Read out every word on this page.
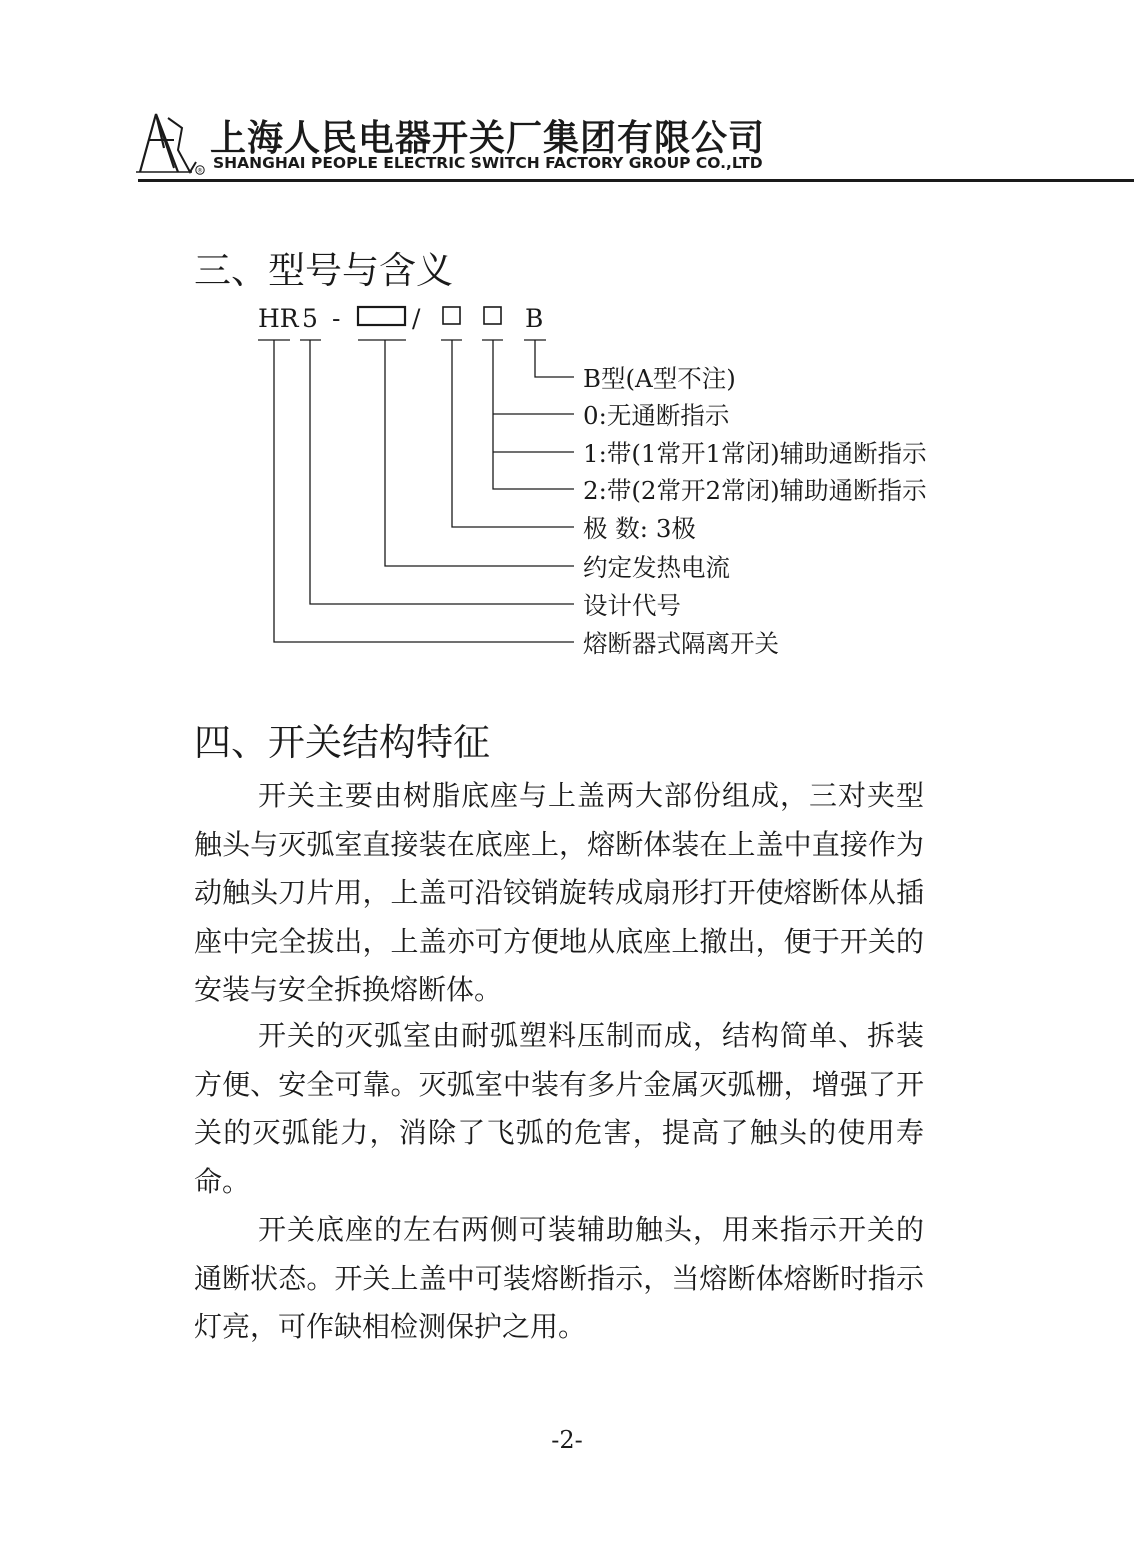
®
上海人民电器开关厂集团有限公司
SHANGHAI PEOPLE ELECTRIC SWITCH FACTORY GROUP CO.,LTD
三、型号与含义
HR 5 -	/	B
B型(A型不注)
0:无通断指示
1:带(1常开1常闭)辅助通断指示
2:带(2常开2常闭)辅助通断指示
极 数: 3极
约定发热电流
设计代号
熔断器式隔离开关
四、开关结构特征

开关主要由树脂底座与上盖两大部份组成，三对夹型触头与灭弧室直接装在底座上，熔断体装在上盖中直接作为动触头刀片用，上盖可沿铰销旋转成扇形打开使熔断体从插座中完全拔出，上盖亦可方便地从底座上撤出，便于开关的安装与安全拆换熔断体。

开关的灭弧室由耐弧塑料压制而成，结构简单、拆装方便、安全可靠。灭弧室中装有多片金属灭弧栅，增强了开关的灭弧能力，消除了飞弧的危害，提高了触头的使用寿命。

开关底座的左右两侧可装辅助触头，用来指示开关的通断状态。开关上盖中可装熔断指示，当熔断体熔断时指示灯亮，可作缺相检测保护之用。

-2-
